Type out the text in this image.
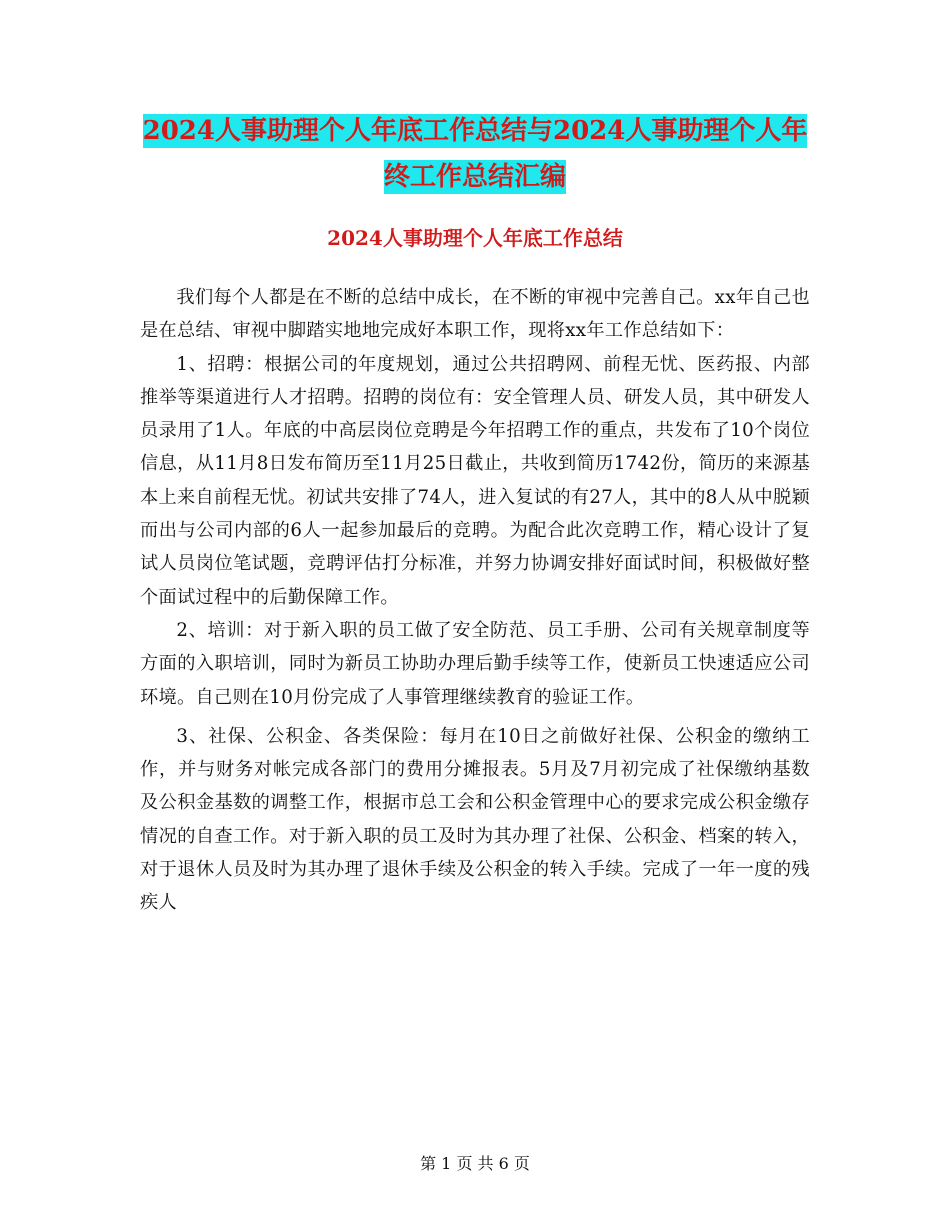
2024人事助理个人年底工作总结与2024人事助理个人年终工作总结汇编
2024人事助理个人年底工作总结

我们每个人都是在不断的总结中成长，在不断的审视中完善自己。xx年自己也是在总结、审视中脚踏实地地完成好本职工作，现将xx年工作总结如下：

1、招聘：根据公司的年度规划，通过公共招聘网、前程无忧、医药报、内部推举等渠道进行人才招聘。招聘的岗位有：安全管理人员、研发人员，其中研发人员录用了1人。年底的中高层岗位竞聘是今年招聘工作的重点，共发布了10个岗位信息，从11月8日发布简历至11月25日截止，共收到简历1742份，简历的来源基本上来自前程无忧。初试共安排了74人，进入复试的有27人，其中的8人从中脱颖而出与公司内部的6人一起参加最后的竞聘。为配合此次竞聘工作，精心设计了复试人员岗位笔试题，竞聘评估打分标准，并努力协调安排好面试时间，积极做好整个面试过程中的后勤保障工作。

2、培训：对于新入职的员工做了安全防范、员工手册、公司有关规章制度等方面的入职培训，同时为新员工协助办理后勤手续等工作，使新员工快速适应公司环境。自己则在10月份完成了人事管理继续教育的验证工作。

3、社保、公积金、各类保险：每月在10日之前做好社保、公积金的缴纳工作，并与财务对帐完成各部门的费用分摊报表。5月及7月初完成了社保缴纳基数及公积金基数的调整工作，根据市总工会和公积金管理中心的要求完成公积金缴存情况的自查工作。对于新入职的员工及时为其办理了社保、公积金、档案的转入，对于退休人员及时为其办理了退休手续及公积金的转入手续。完成了一年一度的残疾人

第 1 页 共 6 页
